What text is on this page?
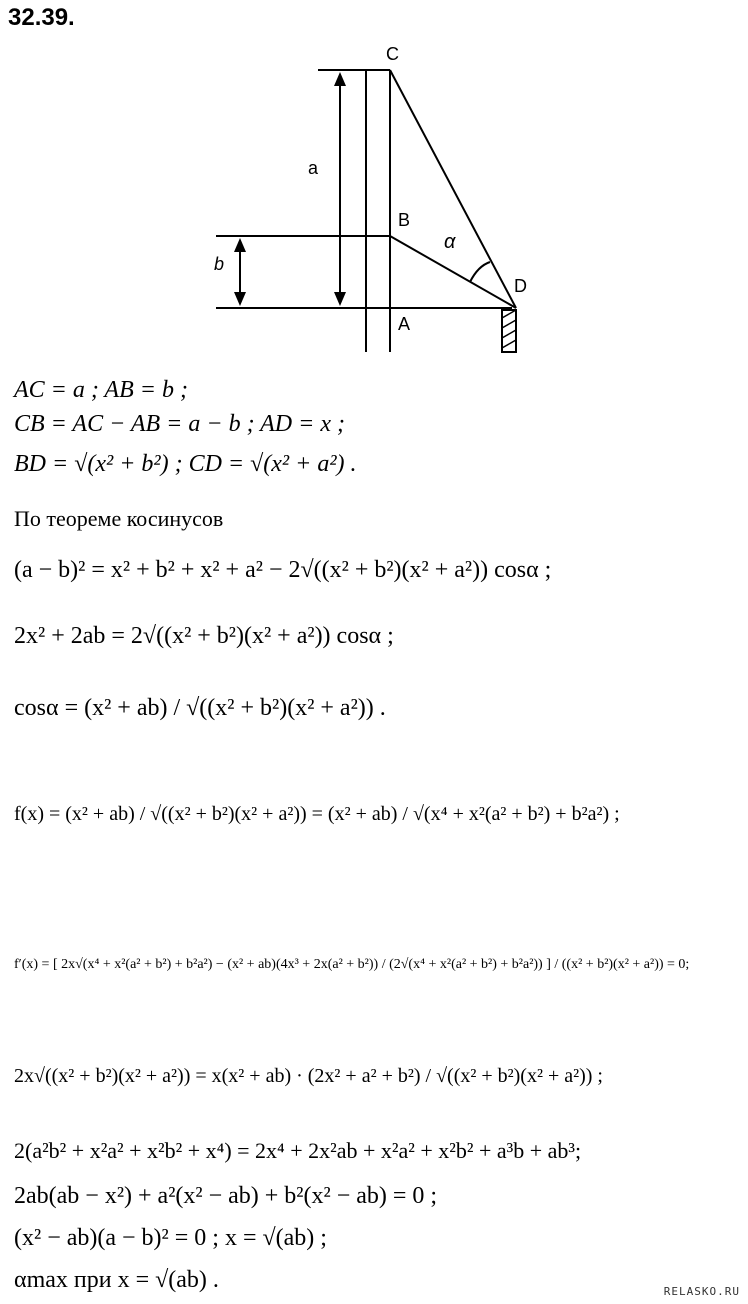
32.39.
C
B
A
D
a
b
α
AC = a ; AB = b ;
CB = AC − AB = a − b ; AD = x ;
BD = √(x² + b²) ; CD = √(x² + a²) .
По теореме косинусов
(a − b)² = x² + b² + x² + a² − 2√((x² + b²)(x² + a²)) cosα ;
2x² + 2ab = 2√((x² + b²)(x² + a²)) cosα ;
cosα = (x² + ab) / √((x² + b²)(x² + a²)) .
f(x) = (x² + ab) / √((x² + b²)(x² + a²)) = (x² + ab) / √(x⁴ + x²(a² + b²) + b²a²) ;
f′(x) = [ 2x√(x⁴ + x²(a² + b²) + b²a²) − (x² + ab)(4x³ + 2x(a² + b²)) / (2√(x⁴ + x²(a² + b²) + b²a²)) ] / ((x² + b²)(x² + a²)) = 0;
2x√((x² + b²)(x² + a²)) = x(x² + ab) · (2x² + a² + b²) / √((x² + b²)(x² + a²)) ;
2(a²b² + x²a² + x²b² + x⁴) = 2x⁴ + 2x²ab + x²a² + x²b² + a³b + ab³;
2ab(ab − x²) + a²(x² − ab) + b²(x² − ab) = 0 ;
(x² − ab)(a − b)² = 0 ; x = √(ab) ;
αmax при x = √(ab) .	RELASKO.RU
